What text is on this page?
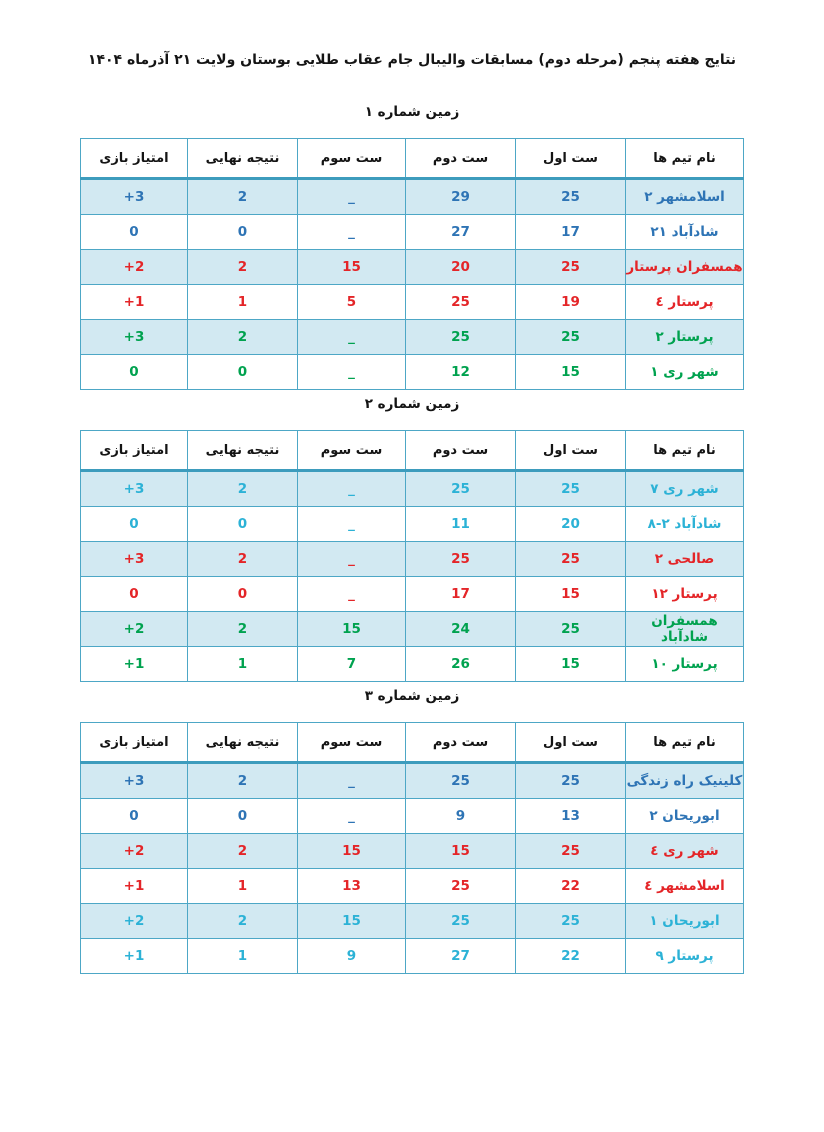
نتایج هفته پنجم (مرحله دوم) مسابقات والیبال جام عقاب طلایی بوستان ولایت ۲۱ آذرماه ۱۴۰۴
زمین شماره ۱
نام تیم ها	ست اول	ست دوم	ست سوم	نتیجه نهایی	امتیاز بازی
اسلامشهر ۲	25	29	_	2	+3
شادآباد ۲۱	17	27	_	0	0
همسفران پرستار	25	20	15	2	+2
پرستار ٤	19	25	5	1	+1
پرستار ۲	25	25	_	2	+3
شهر ری ۱	15	12	_	0	0
زمین شماره ۲
نام تیم ها	ست اول	ست دوم	ست سوم	نتیجه نهایی	امتیاز بازی
شهر ری ۷	25	25	_	2	+3
شادآباد ۲-۸	20	11	_	0	0
صالحی ۲	25	25	_	2	+3
پرستار ۱۲	15	17	_	0	0
همسفران شادآباد	25	24	15	2	+2
پرستار ۱۰	15	26	7	1	+1
زمین شماره ۳
نام تیم ها	ست اول	ست دوم	ست سوم	نتیجه نهایی	امتیاز بازی
کلینیک راه زندگی	25	25	_	2	+3
ابوریحان ۲	13	9	_	0	0
شهر ری ٤	25	15	15	2	+2
اسلامشهر ٤	22	25	13	1	+1
ابوریحان ۱	25	25	15	2	+2
پرستار ۹	22	27	9	1	+1
